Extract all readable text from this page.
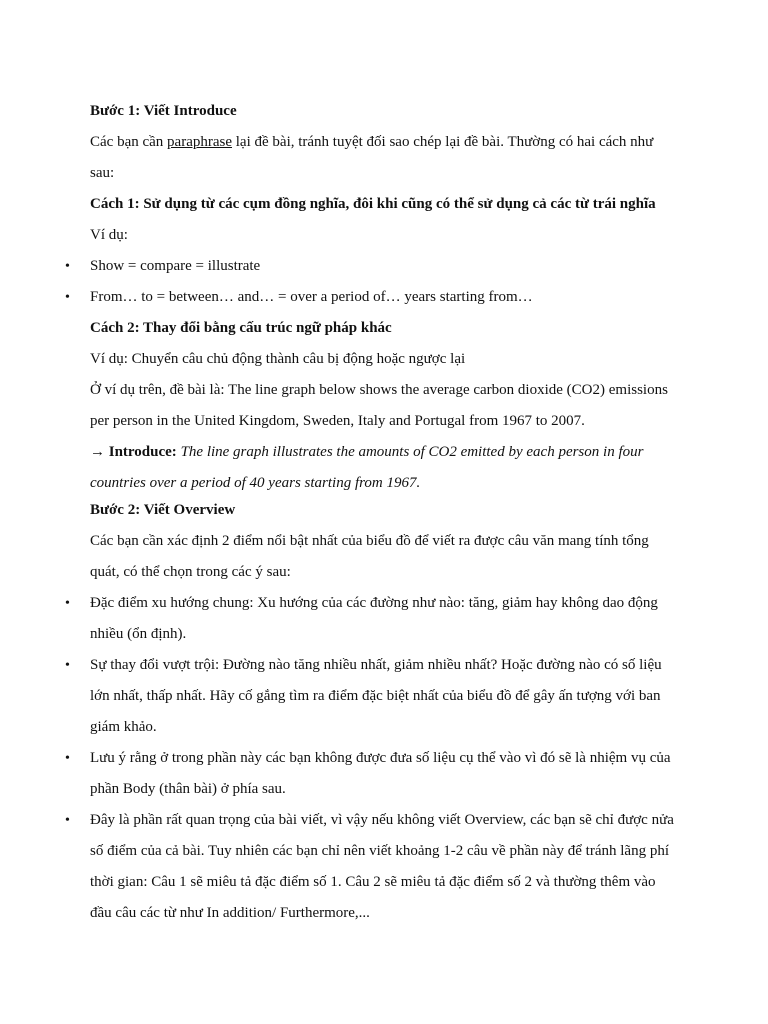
Bước 1: Viết Introduce
Các bạn cần paraphrase lại đề bài, tránh tuyệt đối sao chép lại đề bài. Thường có hai cách như
sau:
Cách 1: Sử dụng từ các cụm đồng nghĩa, đôi khi cũng có thể sử dụng cả các từ trái nghĩa
Ví dụ:
• Show = compare = illustrate
• From… to = between… and… = over a period of… years starting from…
Cách 2: Thay đổi bằng cấu trúc ngữ pháp khác
Ví dụ: Chuyển câu chủ động thành câu bị động hoặc ngược lại
Ở ví dụ trên, đề bài là: The line graph below shows the average carbon dioxide (CO2) emissions
per person in the United Kingdom, Sweden, Italy and Portugal from 1967 to 2007.
→ Introduce: The line graph illustrates the amounts of CO2 emitted by each person in four
countries over a period of 40 years starting from 1967.
Bước 2: Viết Overview
Các bạn cần xác định 2 điểm nổi bật nhất của biểu đồ để viết ra được câu văn mang tính tổng
quát, có thể chọn trong các ý sau:
• Đặc điểm xu hướng chung: Xu hướng của các đường như nào: tăng, giảm hay không dao động
nhiều (ổn định).
• Sự thay đổi vượt trội: Đường nào tăng nhiều nhất, giảm nhiều nhất? Hoặc đường nào có số liệu
lớn nhất, thấp nhất. Hãy cố gắng tìm ra điểm đặc biệt nhất của biểu đồ để gây ấn tượng với ban
giám khảo.
• Lưu ý rằng ở trong phần này các bạn không được đưa số liệu cụ thể vào vì đó sẽ là nhiệm vụ của
phần Body (thân bài) ở phía sau.
• Đây là phần rất quan trọng của bài viết, vì vậy nếu không viết Overview, các bạn sẽ chỉ được nửa
số điểm của cả bài. Tuy nhiên các bạn chỉ nên viết khoảng 1-2 câu về phần này để tránh lãng phí
thời gian: Câu 1 sẽ miêu tả đặc điểm số 1. Câu 2 sẽ miêu tả đặc điểm số 2 và thường thêm vào
đầu câu các từ như In addition/ Furthermore,...
